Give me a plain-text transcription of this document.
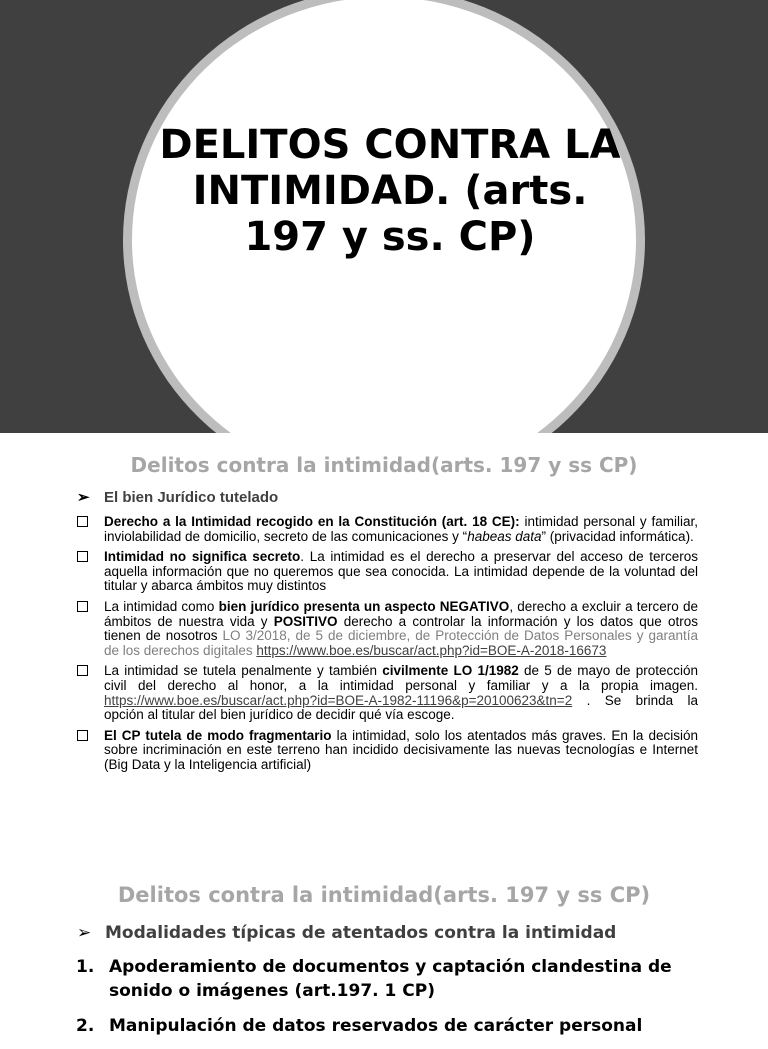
DELITOS CONTRA LA INTIMIDAD. (arts. 197 y ss. CP)
Delitos contra la intimidad(arts. 197 y ss CP)
➢ El bien Jurídico tutelado
Derecho a la Intimidad recogido en la Constitución (art. 18 CE): intimidad personal y familiar, inviolabilidad de domicilio, secreto de las comunicaciones y “habeas data” (privacidad informática).
Intimidad no significa secreto. La intimidad es el derecho a preservar del acceso de terceros aquella información que no queremos que sea conocida. La intimidad depende de la voluntad del titular y abarca ámbitos muy distintos
La intimidad como bien jurídico presenta un aspecto NEGATIVO, derecho a excluir a tercero de ámbitos de nuestra vida y POSITIVO derecho a controlar la información y los datos que otros tienen de nosotros LO 3/2018, de 5 de diciembre, de Protección de Datos Personales y garantía de los derechos digitales https://www.boe.es/buscar/act.php?id=BOE-A-2018-16673
La intimidad se tutela penalmente y también civilmente LO 1/1982 de 5 de mayo de protección civil del derecho al honor, a la intimidad personal y familiar y a la propia imagen. https://www.boe.es/buscar/act.php?id=BOE-A-1982-11196&p=20100623&tn=2 . Se brinda la opción al titular del bien jurídico de decidir qué vía escoge.
El CP tutela de modo fragmentario la intimidad, solo los atentados más graves. En la decisión sobre incriminación en este terreno han incidido decisivamente las nuevas tecnologías e Internet (Big Data y la Inteligencia artificial)
Delitos contra la intimidad(arts. 197 y ss CP)
➢ Modalidades típicas de atentados contra la intimidad
1. Apoderamiento de documentos y captación clandestina de sonido o imágenes (art.197. 1 CP)
2. Manipulación de datos reservados de carácter personal
